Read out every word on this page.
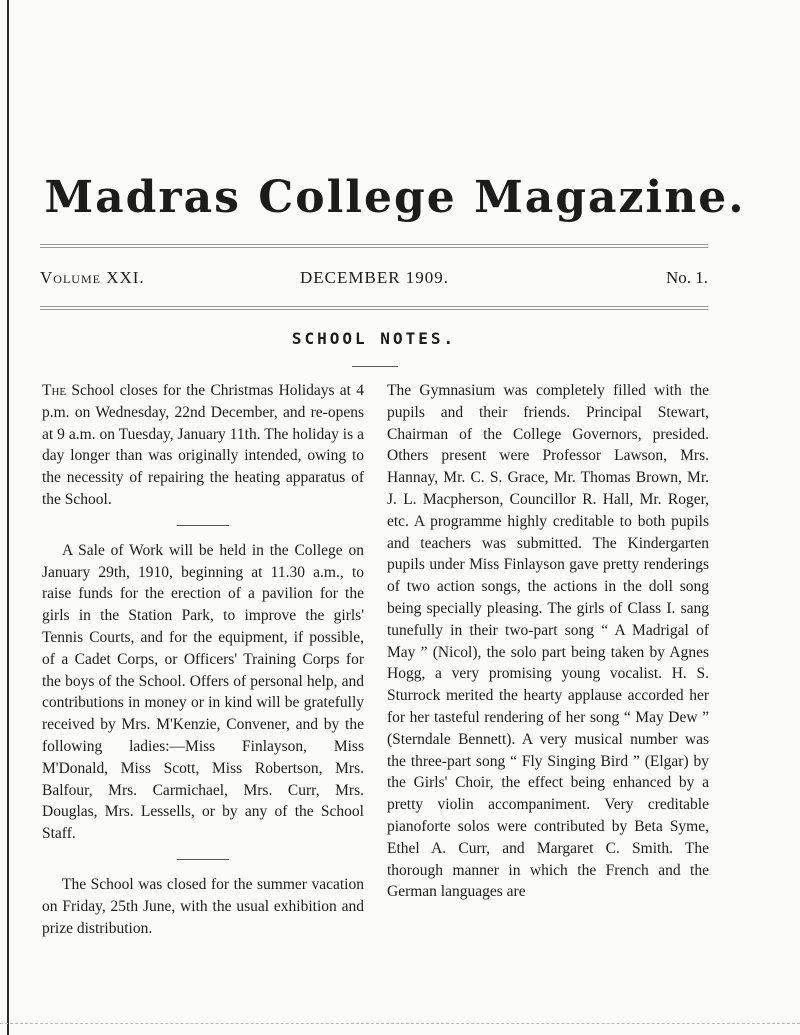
Madras College Magazine.
Volume XXI.	DECEMBER 1909.	No. 1.
SCHOOL NOTES.

The School closes for the Christmas Holidays at 4 p.m. on Wednesday, 22nd December, and re-opens at 9 a.m. on Tuesday, January 11th. The holiday is a day longer than was originally intended, owing to the necessity of repairing the heating apparatus of the School.

A Sale of Work will be held in the College on January 29th, 1910, beginning at 11.30 a.m., to raise funds for the erection of a pavilion for the girls in the Station Park, to improve the girls' Tennis Courts, and for the equipment, if possible, of a Cadet Corps, or Officers' Training Corps for the boys of the School. Offers of personal help, and contributions in money or in kind will be gratefully received by Mrs. M'Kenzie, Convener, and by the following ladies:—Miss Finlayson, Miss M'Donald, Miss Scott, Miss Robertson, Mrs. Balfour, Mrs. Carmichael, Mrs. Curr, Mrs. Douglas, Mrs. Lessells, or by any of the School Staff.

The School was closed for the summer vacation on Friday, 25th June, with the usual exhibition and prize distribution.

The Gymnasium was completely filled with the pupils and their friends. Principal Stewart, Chairman of the College Governors, presided. Others present were Professor Lawson, Mrs. Hannay, Mr. C. S. Grace, Mr. Thomas Brown, Mr. J. L. Macpherson, Councillor R. Hall, Mr. Roger, etc. A programme highly creditable to both pupils and teachers was submitted. The Kindergarten pupils under Miss Finlayson gave pretty renderings of two action songs, the actions in the doll song being specially pleasing. The girls of Class I. sang tunefully in their two-part song “ A Madrigal of May ” (Nicol), the solo part being taken by Agnes Hogg, a very promising young vocalist. H. S. Sturrock merited the hearty applause accorded her for her tasteful rendering of her song “ May Dew ” (Sterndale Bennett). A very musical number was the three-part song “ Fly Singing Bird ” (Elgar) by the Girls' Choir, the effect being enhanced by a pretty violin accompaniment. Very creditable pianoforte solos were contributed by Beta Syme, Ethel A. Curr, and Margaret C. Smith. The thorough manner in which the French and the German languages are
